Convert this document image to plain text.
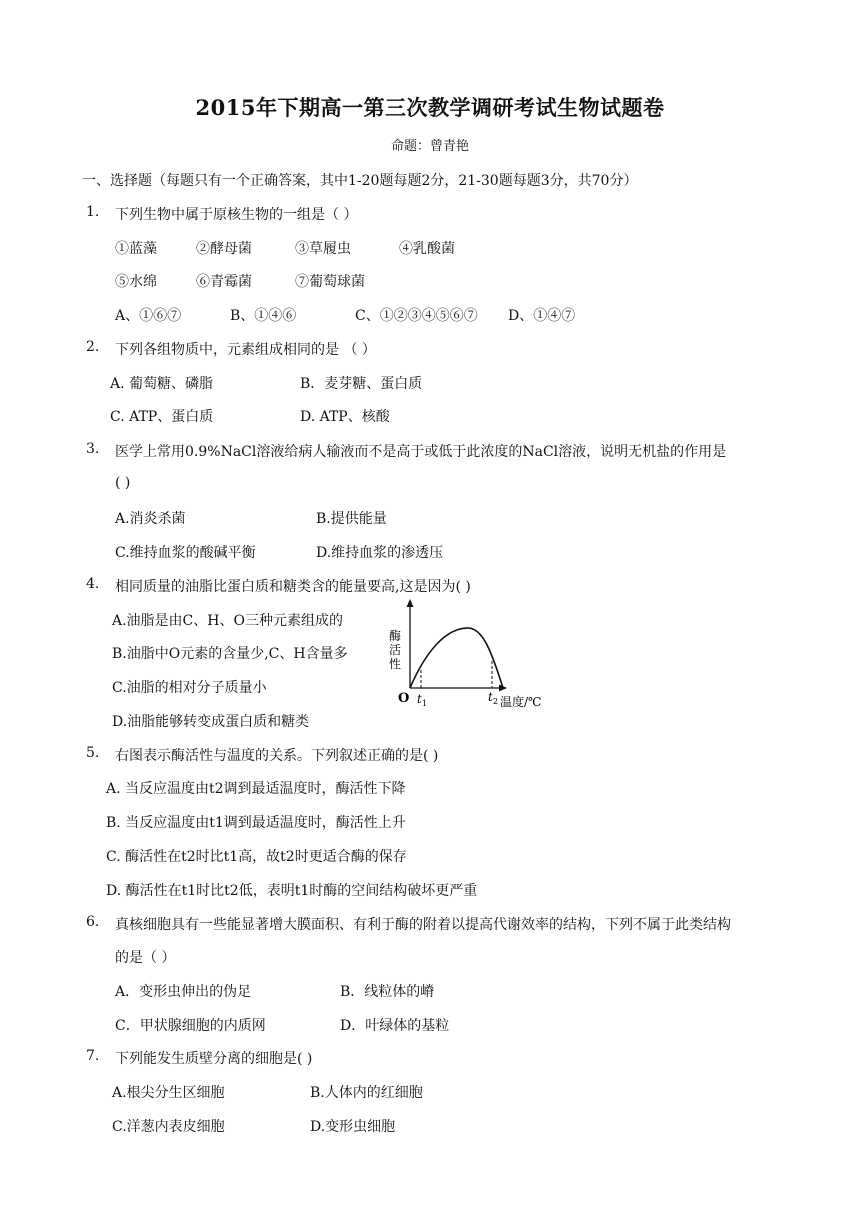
2015年下期高一第三次教学调研考试生物试题卷
命题：曾青艳
一、选择题（每题只有一个正确答案，其中1-20题每题2分，21-30题每题3分，共70分）
1. 下列生物中属于原核生物的一组是（ ）
①蓝藻	②酵母菌	③草履虫	④乳酸菌
⑤水绵	⑥青霉菌	⑦葡萄球菌
A、①⑥⑦	B、①④⑥	C、①②③④⑤⑥⑦ D、①④⑦
2. 下列各组物质中，元素组成相同的是 （ ）
A. 葡萄糖、磷脂	B．麦芽糖、蛋白质
C. ATP、蛋白质	D. ATP、核酸
3. 医学上常用0.9%NaCl溶液给病人输液而不是高于或低于此浓度的NaCl溶液，说明无机盐的作用是
( )
A.消炎杀菌	B.提供能量
C.维持血浆的酸碱平衡	D.维持血浆的渗透压
4. 相同质量的油脂比蛋白质和糖类含的能量要高,这是因为( )
A.油脂是由C、H、O三种元素组成的
B.油脂中O元素的含量少,C、H含量多
C.油脂的相对分子质量小
D.油脂能够转变成蛋白质和糖类
酶
活
性
O t 1	t 2 温度/℃
5. 右图表示酶活性与温度的关系。下列叙述正确的是( )
A. 当反应温度由t2调到最适温度时，酶活性下降
B. 当反应温度由t1调到最适温度时，酶活性上升
C. 酶活性在t2时比t1高，故t2时更适合酶的保存
D. 酶活性在t1时比t2低，表明t1时酶的空间结构破坏更严重
6. 真核细胞具有一些能显著增大膜面积、有利于酶的附着以提高代谢效率的结构，下列不属于此类结构
的是（ ）
A．变形虫伸出的伪足	B．线粒体的嵴
C．甲状腺细胞的内质网	D．叶绿体的基粒
7. 下列能发生质壁分离的细胞是( )
A.根尖分生区细胞	B.人体内的红细胞
C.洋葱内表皮细胞	D.变形虫细胞
